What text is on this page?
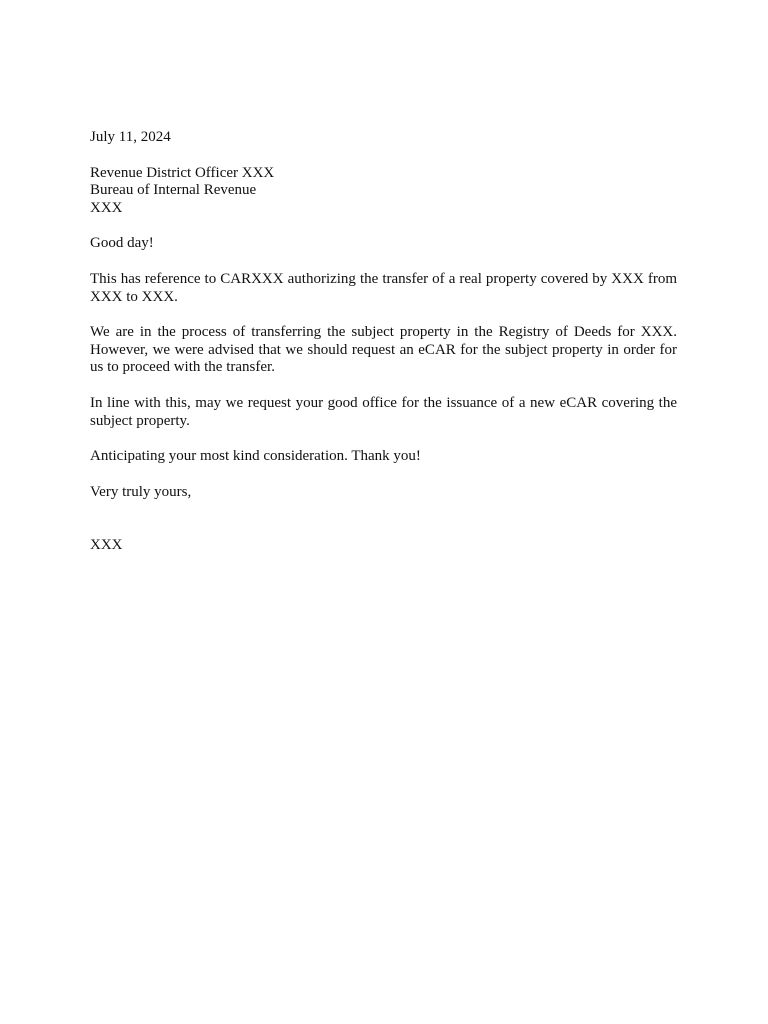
July 11, 2024
Revenue District Officer XXX
Bureau of Internal Revenue
XXX
Good day!

This has reference to CARXXX authorizing the transfer of a real property covered by XXX from XXX to XXX.

We are in the process of transferring the subject property in the Registry of Deeds for XXX. However, we were advised that we should request an eCAR for the subject property in order for us to proceed with the transfer.

In line with this, may we request your good office for the issuance of a new eCAR covering the subject property.

Anticipating your most kind consideration. Thank you!
Very truly yours,
XXX
